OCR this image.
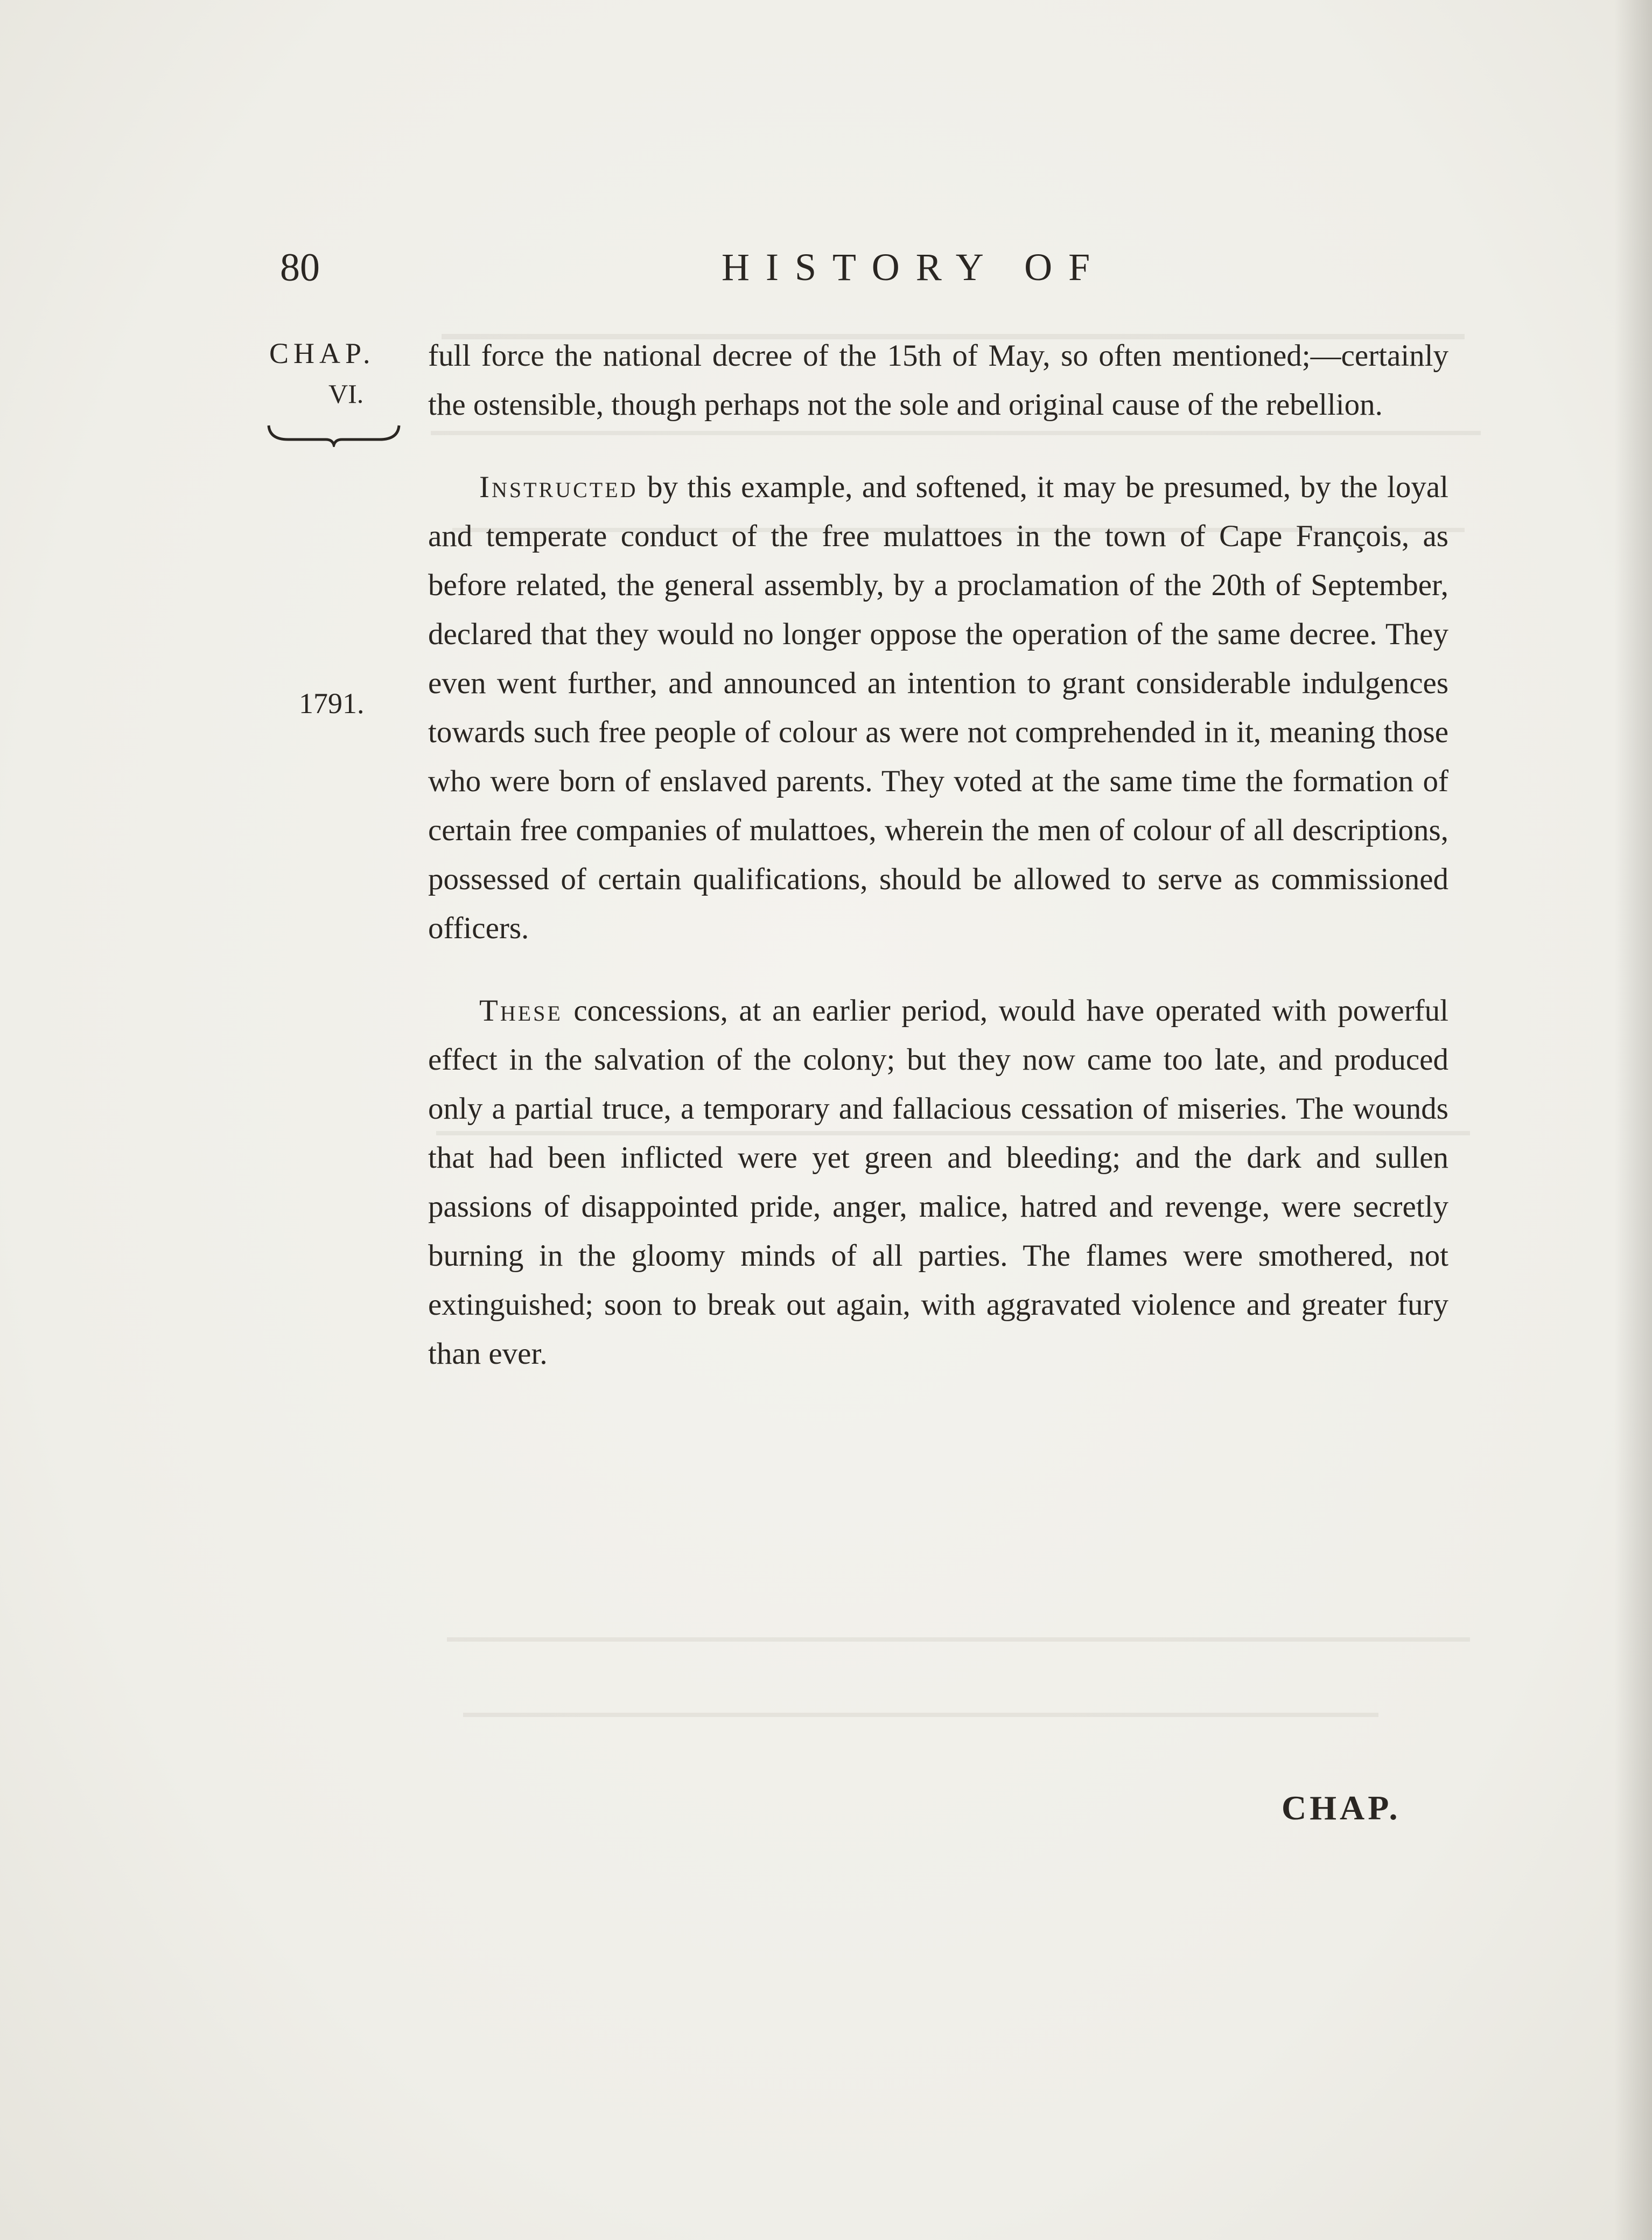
80	HISTORY OF
CHAP.
VI.
1791.

full force the national decree of the 15th of May, so often mentioned;—certainly the ostensible, though perhaps not the sole and original cause of the rebellion.

Instructed by this example, and softened, it may be presumed, by the loyal and temperate conduct of the free mulattoes in the town of Cape François, as before related, the general assembly, by a proclamation of the 20th of September, declared that they would no longer oppose the operation of the same decree. They even went further, and announced an intention to grant considerable indulgences towards such free people of colour as were not comprehended in it, meaning those who were born of enslaved parents. They voted at the same time the formation of certain free companies of mulattoes, wherein the men of colour of all descriptions, possessed of certain qualifications, should be allowed to serve as commissioned officers.

These concessions, at an earlier period, would have operated with powerful effect in the salvation of the colony; but they now came too late, and produced only a partial truce, a temporary and fallacious cessation of miseries. The wounds that had been inflicted were yet green and bleeding; and the dark and sullen passions of disappointed pride, anger, malice, hatred and revenge, were secretly burning in the gloomy minds of all parties. The flames were smothered, not extinguished; soon to break out again, with aggravated violence and greater fury than ever.

CHAP.
